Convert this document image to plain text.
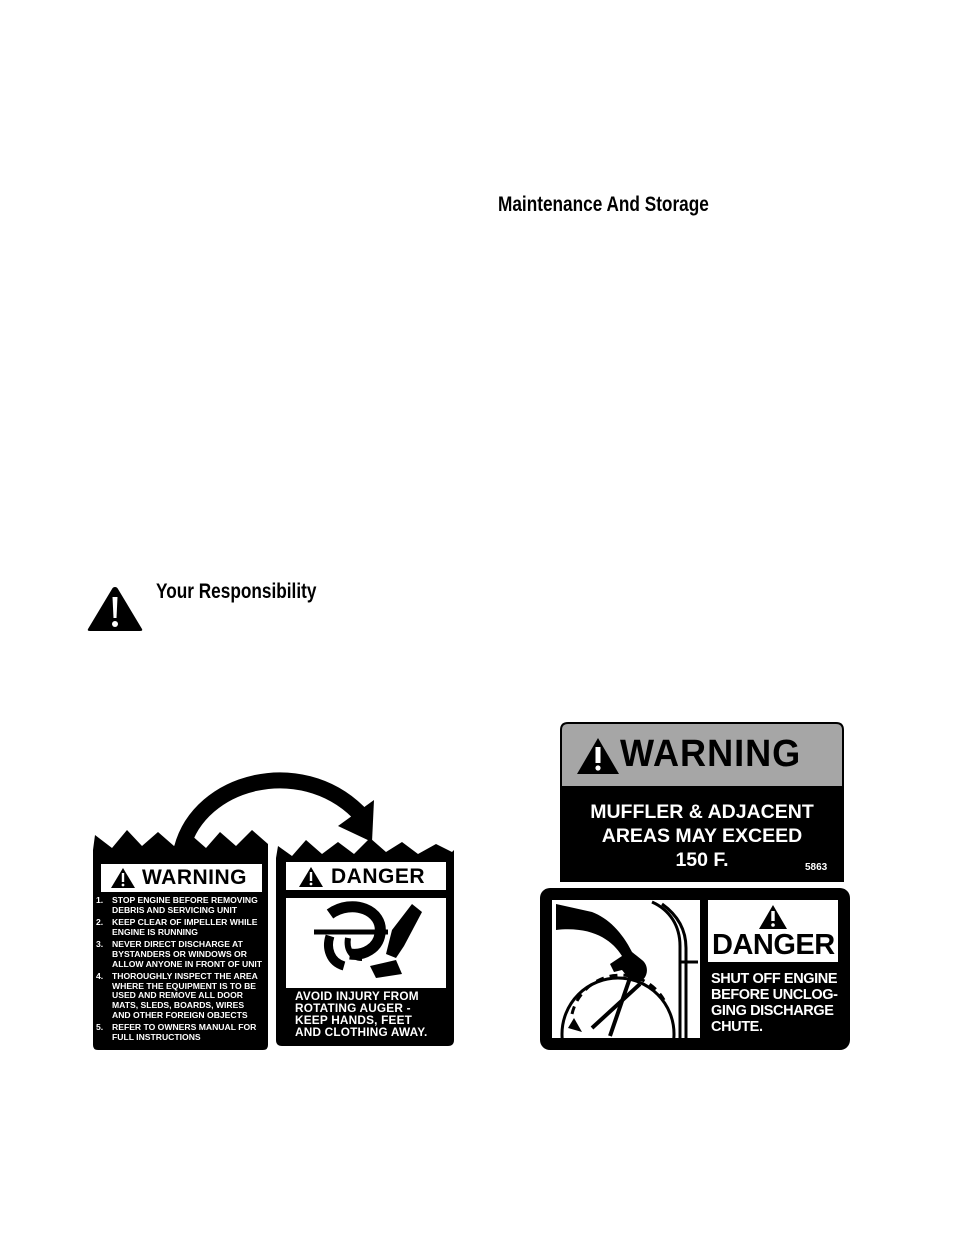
Maintenance And Storage
Your Responsibility
WARNING
1.	STOP ENGINE BEFORE REMOVING
DEBRIS AND SERVICING UNIT
2.	KEEP CLEAR OF IMPELLER WHILE
ENGINE IS RUNNING
3.	NEVER DIRECT DISCHARGE AT
BYSTANDERS OR WINDOWS OR
ALLOW ANYONE IN FRONT OF UNIT
4.	THOROUGHLY INSPECT THE AREA
WHERE THE EQUIPMENT IS TO BE
USED AND REMOVE ALL DOOR
MATS, SLEDS, BOARDS, WIRES
AND OTHER FOREIGN OBJECTS
5.	REFER TO OWNERS MANUAL FOR
FULL INSTRUCTIONS
DANGER
AVOID INJURY FROM
ROTATING AUGER -
KEEP HANDS, FEET
AND CLOTHING AWAY.
WARNING
MUFFLER & ADJACENT
AREAS MAY EXCEED
150 F.	5863
DANGER
SHUT OFF ENGINE
BEFORE UNCLOG-
GING DISCHARGE
CHUTE.
